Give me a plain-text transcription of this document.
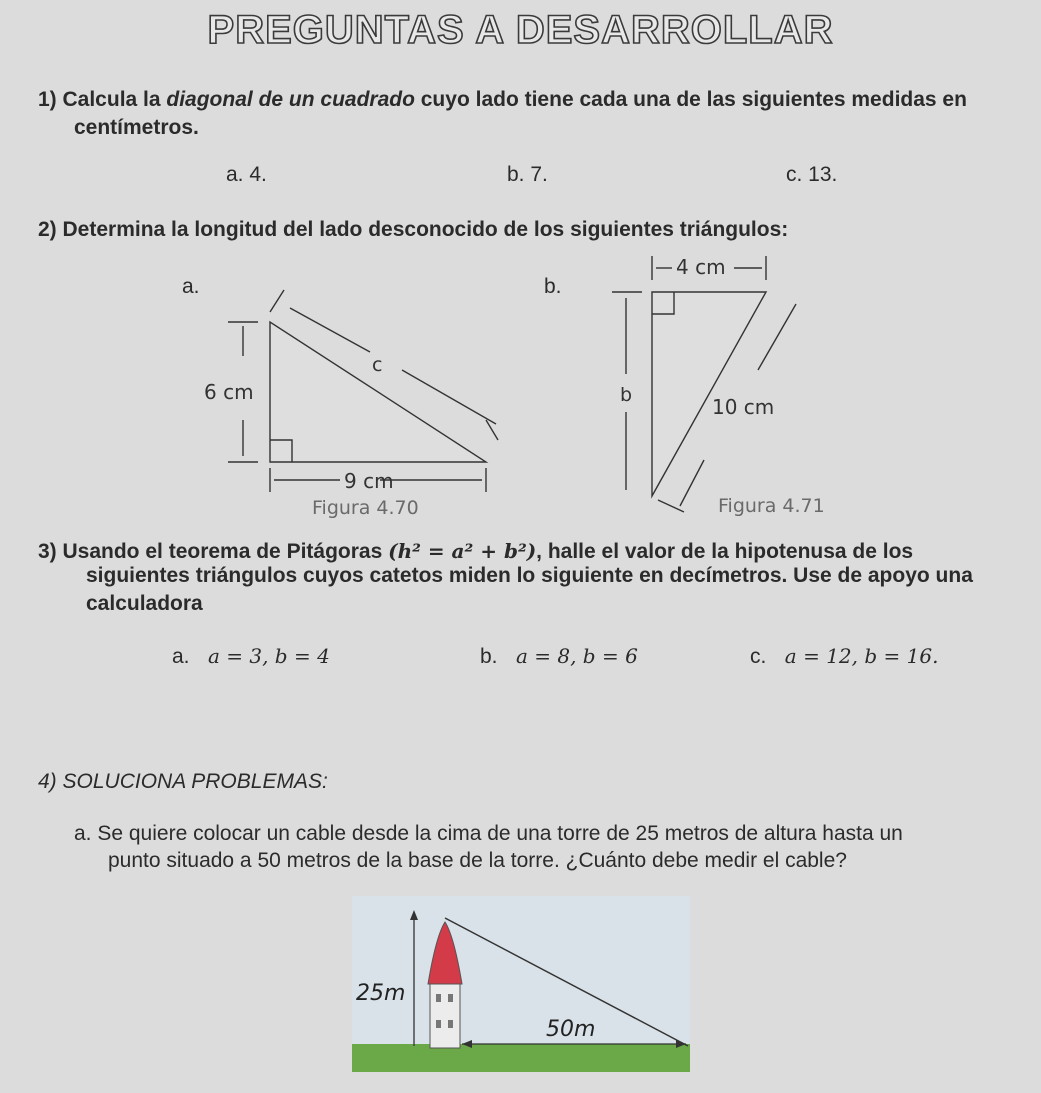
PREGUNTAS A DESARROLLAR
1) Calcula la diagonal de un cuadrado cuyo lado tiene cada una de las siguientes medidas en
centímetros.
a. 4.	b. 7.	c. 13.
2) Determina la longitud del lado desconocido de los siguientes triángulos:
a.	b.
c
6 cm
9 cm
Figura 4.70
4 cm
b	10 cm
Figura 4.71
3) Usando el teorema de Pitágoras (h² = a² + b²), halle el valor de la hipotenusa de los
siguientes triángulos cuyos catetos miden lo siguiente en decímetros. Use de apoyo una
calculadora
a. a = 3, b = 4	b. a = 8, b = 6	c. a = 12, b = 16.
4) SOLUCIONA PROBLEMAS:
a. Se quiere colocar un cable desde la cima de una torre de 25 metros de altura hasta un
punto situado a 50 metros de la base de la torre. ¿Cuánto debe medir el cable?
25m
50m
